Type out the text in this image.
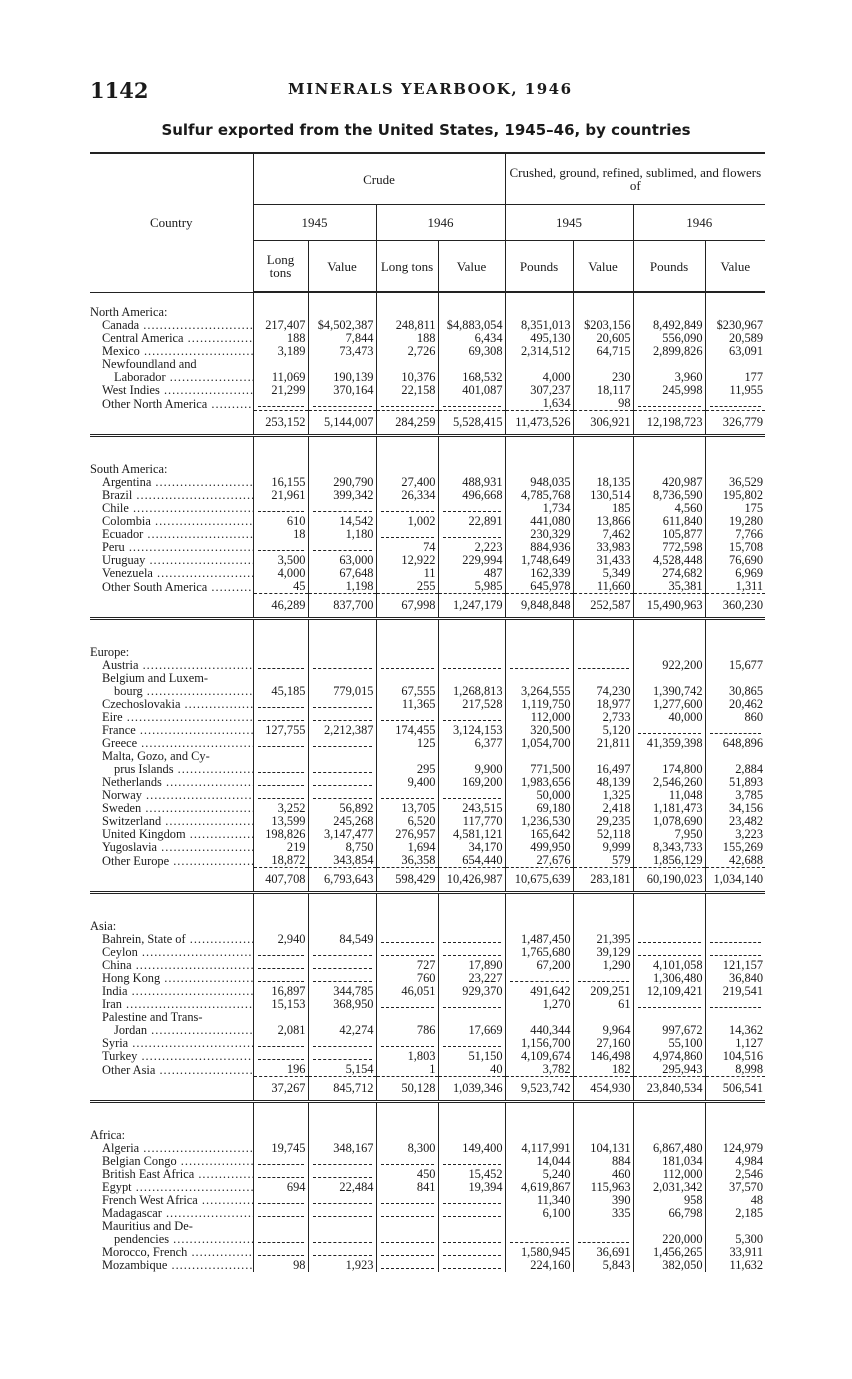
1142	MINERALS YEARBOOK, 1946
Sulfur exported from the United States, 1945–46, by countries
Country	Crude				Crushed, ground, refined, sublimed, and flowers of			
	1945		1946		1945		1946	
	Long tons	Value	Long tons	Value	Pounds	Value	Pounds	Value

North America:								
Canada .....	217,407	$4,502,387	248,811	$4,883,054	8,351,013	$203,156	8,492,849	$230,967
Central America .....	188	7,844	188	6,434	495,130	20,605	556,090	20,589
Mexico .....	3,189	73,473	2,726	69,308	2,314,512	64,715	2,899,826	63,091
Newfoundland and								
Laborador .....	11,069	190,139	10,376	168,532	4,000	230	3,960	177
West Indies .....	21,299	370,164	22,158	401,087	307,237	18,117	245,998	11,955
Other North America .....					1,634	98	

	253,152	5,144,007	284,259	5,528,415	11,473,526	306,921	12,198,723	326,779

South America:								
Argentina .....	16,155	290,790	27,400	488,931	948,035	18,135	420,987	36,529
Brazil .....	21,961	399,342	26,334	496,668	4,785,768	130,514	8,736,590	195,802
Chile .....					1,734	185	4,560	175
Colombia .....	610	14,542	1,002	22,891	441,080	13,866	611,840	19,280
Ecuador .....	18	1,180			230,329	7,462	105,877	7,766
Peru .....			74	2,223	884,936	33,983	772,598	15,708
Uruguay .....	3,500	63,000	12,922	229,994	1,748,649	31,433	4,528,448	76,690
Venezuela .....	4,000	67,648	11	487	162,339	5,349	274,682	6,969
Other South America .....	45	1,198	255	5,985	645,978	11,660	35,381	1,311
	46,289	837,700	67,998	1,247,179	9,848,848	252,587	15,490,963	360,230

Europe:								
Austria .....							922,200	15,677
Belgium and Luxem-								
bourg .....	45,185	779,015	67,555	1,268,813	3,264,555	74,230	1,390,742	30,865
Czechoslovakia .....			11,365	217,528	1,119,750	18,977	1,277,600	20,462
Eire .....					112,000	2,733	40,000	860
France .....	127,755	2,212,387	174,455	3,124,153	320,500	5,120	

Greece .....			125	6,377	1,054,700	21,811	41,359,398	648,896
Malta, Gozo, and Cy-								
prus Islands .....			295	9,900	771,500	16,497	174,800	2,884
Netherlands .....			9,400	169,200	1,983,656	48,139	2,546,260	51,893
Norway .....					50,000	1,325	11,048	3,785
Sweden .....	3,252	56,892	13,705	243,515	69,180	2,418	1,181,473	34,156
Switzerland .....	13,599	245,268	6,520	117,770	1,236,530	29,235	1,078,690	23,482
United Kingdom .....	198,826	3,147,477	276,957	4,581,121	165,642	52,118	7,950	3,223
Yugoslavia .....	219	8,750	1,694	34,170	499,950	9,999	8,343,733	155,269
Other Europe .....	18,872	343,854	36,358	654,440	27,676	579	1,856,129	42,688
	407,708	6,793,643	598,429	10,426,987	10,675,639	283,181	60,190,023	1,034,140

Asia:								
Bahrein, State of .....	2,940	84,549			1,487,450	21,395	

Ceylon .....					1,765,680	39,129	

China .....			727	17,890	67,200	1,290	4,101,058	121,157
Hong Kong .....			760	23,227			1,306,480	36,840
India .....	16,897	344,785	46,051	929,370	491,642	209,251	12,109,421	219,541
Iran .....	15,153	368,950			1,270	61	

Palestine and Trans-								
Jordan .....	2,081	42,274	786	17,669	440,344	9,964	997,672	14,362
Syria .....					1,156,700	27,160	55,100	1,127
Turkey .....			1,803	51,150	4,109,674	146,498	4,974,860	104,516
Other Asia .....	196	5,154	1	40	3,782	182	295,943	8,998
	37,267	845,712	50,128	1,039,346	9,523,742	454,930	23,840,534	506,541

Africa:								
Algeria .....	19,745	348,167	8,300	149,400	4,117,991	104,131	6,867,480	124,979
Belgian Congo .....					14,044	884	181,034	4,984
British East Africa .....			450	15,452	5,240	460	112,000	2,546
Egypt .....	694	22,484	841	19,394	4,619,867	115,963	2,031,342	37,570
French West Africa .....					11,340	390	958	48
Madagascar .....					6,100	335	66,798	2,185
Mauritius and De-								
pendencies .....							220,000	5,300
Morocco, French .....					1,580,945	36,691	1,456,265	33,911
Mozambique .....	98	1,923			224,160	5,843	382,050	11,632
